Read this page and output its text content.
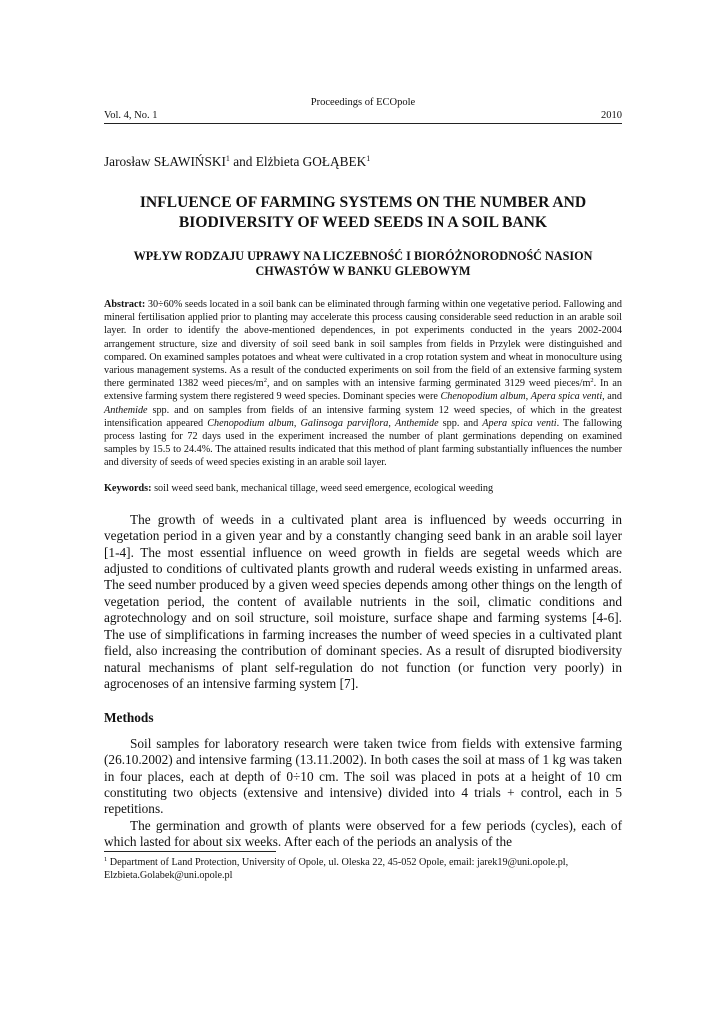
Proceedings of ECOpole
Vol. 4, No. 1	2010
Jarosław SŁAWIŃSKI$^1$ and Elżbieta GOŁĄBEK$^1$
INFLUENCE OF FARMING SYSTEMS ON THE NUMBER AND BIODIVERSITY OF WEED SEEDS IN A SOIL BANK
WPŁYW RODZAJU UPRAWY NA LICZEBNOŚĆ I BIORÓŻNORODNOŚĆ NASION CHWASTÓW W BANKU GLEBOWYM
Abstract: 30÷60% seeds located in a soil bank can be eliminated through farming within one vegetative period. Fallowing and mineral fertilisation applied prior to planting may accelerate this process causing considerable seed reduction in an arable soil layer. In order to identify the above-mentioned dependences, in pot experiments conducted in the years 2002-2004 arrangement structure, size and diversity of soil seed bank in soil samples from fields in Przylek were distinguished and compared. On examined samples potatoes and wheat were cultivated in a crop rotation system and wheat in monoculture using various management systems. As a result of the conducted experiments on soil from the field of an extensive farming system there germinated 1382 weed pieces/$m^2$, and on samples with an intensive farming germinated 3129 weed pieces/$m^2$. In an extensive farming system there registered 9 weed species. Dominant species were Chenopodium album, Apera spica venti, and Anthemide spp. and on samples from fields of an intensive farming system 12 weed species, of which in the greatest intensification appeared Chenopodium album, Galinsoga parviflora, Anthemide spp. and Apera spica venti. The fallowing process lasting for 72 days used in the experiment increased the number of plant germinations depending on examined samples by 15.5 to 24.4%. The attained results indicated that this method of plant farming substantially influences the number and diversity of seeds of weed species existing in an arable soil layer.
Keywords: soil weed seed bank, mechanical tillage, weed seed emergence, ecological weeding

The growth of weeds in a cultivated plant area is influenced by weeds occurring in vegetation period in a given year and by a constantly changing seed bank in an arable soil layer [1-4]. The most essential influence on weed growth in fields are segetal weeds which are adjusted to conditions of cultivated plants growth and ruderal weeds existing in unfarmed areas. The seed number produced by a given weed species depends among other things on the length of vegetation period, the content of available nutrients in the soil, climatic conditions and agrotechnology and on soil structure, soil moisture, surface shape and farming systems [4-6]. The use of simplifications in farming increases the number of weed species in a cultivated plant field, also increasing the contribution of dominant species. As a result of disrupted biodiversity natural mechanisms of plant self-regulation do not function (or function very poorly) in agrocenoses of an intensive farming system [7].

Methods

Soil samples for laboratory research were taken twice from fields with extensive farming (26.10.2002) and intensive farming (13.11.2002). In both cases the soil at mass of 1 kg was taken in four places, each at depth of 0÷10 cm. The soil was placed in pots at a height of 10 cm constituting two objects (extensive and intensive) divided into 4 trials + control, each in 5 repetitions.

The germination and growth of plants were observed for a few periods (cycles), each of which lasted for about six weeks. After each of the periods an analysis of the

$^1$ Department of Land Protection, University of Opole, ul. Oleska 22, 45-052 Opole, email: jarek19@uni.opole.pl, Elzbieta.Golabek@uni.opole.pl
